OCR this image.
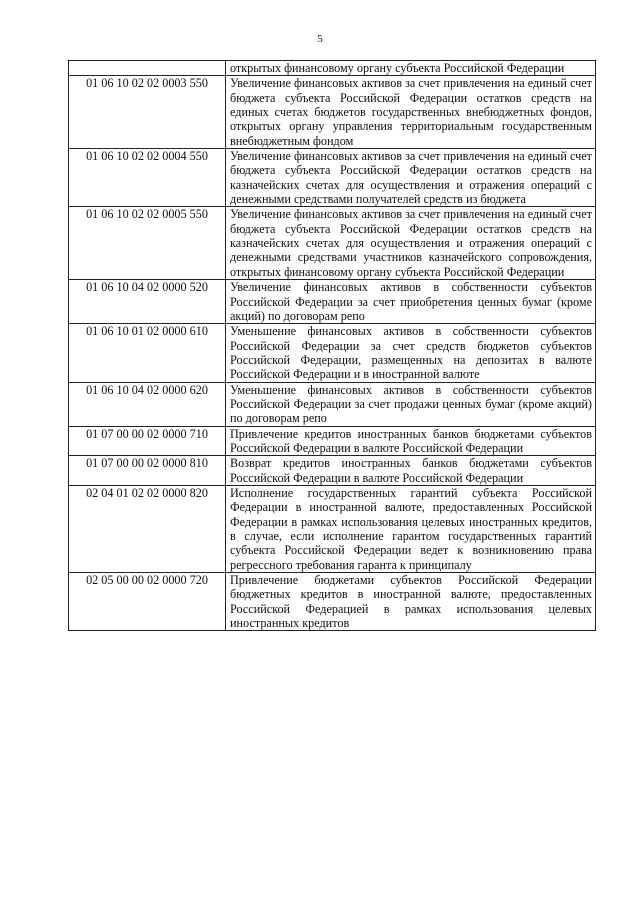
5
	открытых финансовому органу субъекта Российской Федерации
01 06 10 02 02 0003 550	Увеличение финансовых активов за счет привлечения на единый счет бюджета субъекта Российской Федерации остатков средств на единых счетах бюджетов государственных внебюджетных фондов, открытых органу управления территориальным государственным внебюджетным фондом
01 06 10 02 02 0004 550	Увеличение финансовых активов за счет привлечения на единый счет бюджета субъекта Российской Федерации остатков средств на казначейских счетах для осуществления и отражения операций с денежными средствами получателей средств из бюджета
01 06 10 02 02 0005 550	Увеличение финансовых активов за счет привлечения на единый счет бюджета субъекта Российской Федерации остатков средств на казначейских счетах для осуществления и отражения операций с денежными средствами участников казначейского сопровождения, открытых финансовому органу субъекта Российской Федерации
01 06 10 04 02 0000 520	Увеличение финансовых активов в собственности субъектов Российской Федерации за счет приобретения ценных бумаг (кроме акций) по договорам репо
01 06 10 01 02 0000 610	Уменьшение финансовых активов в собственности субъектов Российской Федерации за счет средств бюджетов субъектов Российской Федерации, размещенных на депозитах в валюте Российской Федерации и в иностранной валюте
01 06 10 04 02 0000 620	Уменьшение финансовых активов в собственности субъектов Российской Федерации за счет продажи ценных бумаг (кроме акций) по договорам репо
01 07 00 00 02 0000 710	Привлечение кредитов иностранных банков бюджетами субъектов Российской Федерации в валюте Российской Федерации
01 07 00 00 02 0000 810	Возврат кредитов иностранных банков бюджетами субъектов Российской Федерации в валюте Российской Федерации
02 04 01 02 02 0000 820	Исполнение государственных гарантий субъекта Российской Федерации в иностранной валюте, предоставленных Российской Федерации в рамках использования целевых иностранных кредитов, в случае, если исполнение гарантом государственных гарантий субъекта Российской Федерации ведет к возникновению права регрессного требования гаранта к принципалу
02 05 00 00 02 0000 720	Привлечение бюджетами субъектов Российской Федерации бюджетных кредитов в иностранной валюте, предоставленных Российской Федерацией в рамках использования целевых иностранных кредитов
